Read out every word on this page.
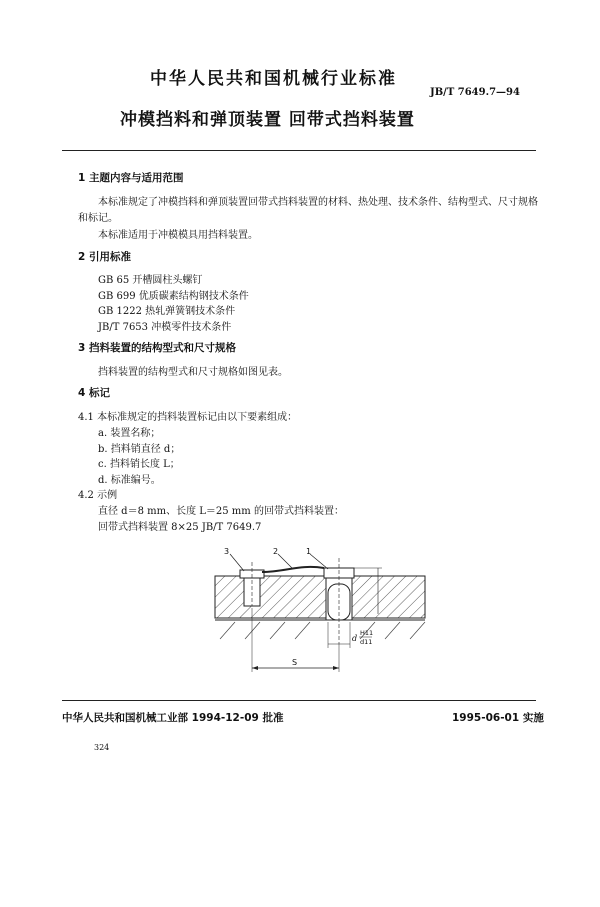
中华人民共和国机械行业标准
JB/T 7649.7—94
冲模挡料和弹顶装置 回带式挡料装置
1 主题内容与适用范围
本标准规定了冲模挡料和弹顶装置回带式挡料装置的材料、热处理、技术条件、结构型式、尺寸规格
和标记。
本标准适用于冲模模具用挡料装置。
2 引用标准
GB 65 开槽圆柱头螺钉
GB 699 优质碳素结构钢技术条件
GB 1222 热轧弹簧钢技术条件
JB/T 7653 冲模零件技术条件
3 挡料装置的结构型式和尺寸规格
挡料装置的结构型式和尺寸规格如图见表。
4 标记
4.1 本标准规定的挡料装置标记由以下要素组成：
a. 装置名称；
b. 挡料销直径 d；
c. 挡料销长度 L；
d. 标准编号。
4.2 示例
直径 d＝8 mm、长度 L＝25 mm 的回带式挡料装置：
回带式挡料装置 8×25 JB/T 7649.7
3	2	1
S
d
H11
d11
中华人民共和国机械工业部 1994-12-09 批准	1995-06-01 实施
324
